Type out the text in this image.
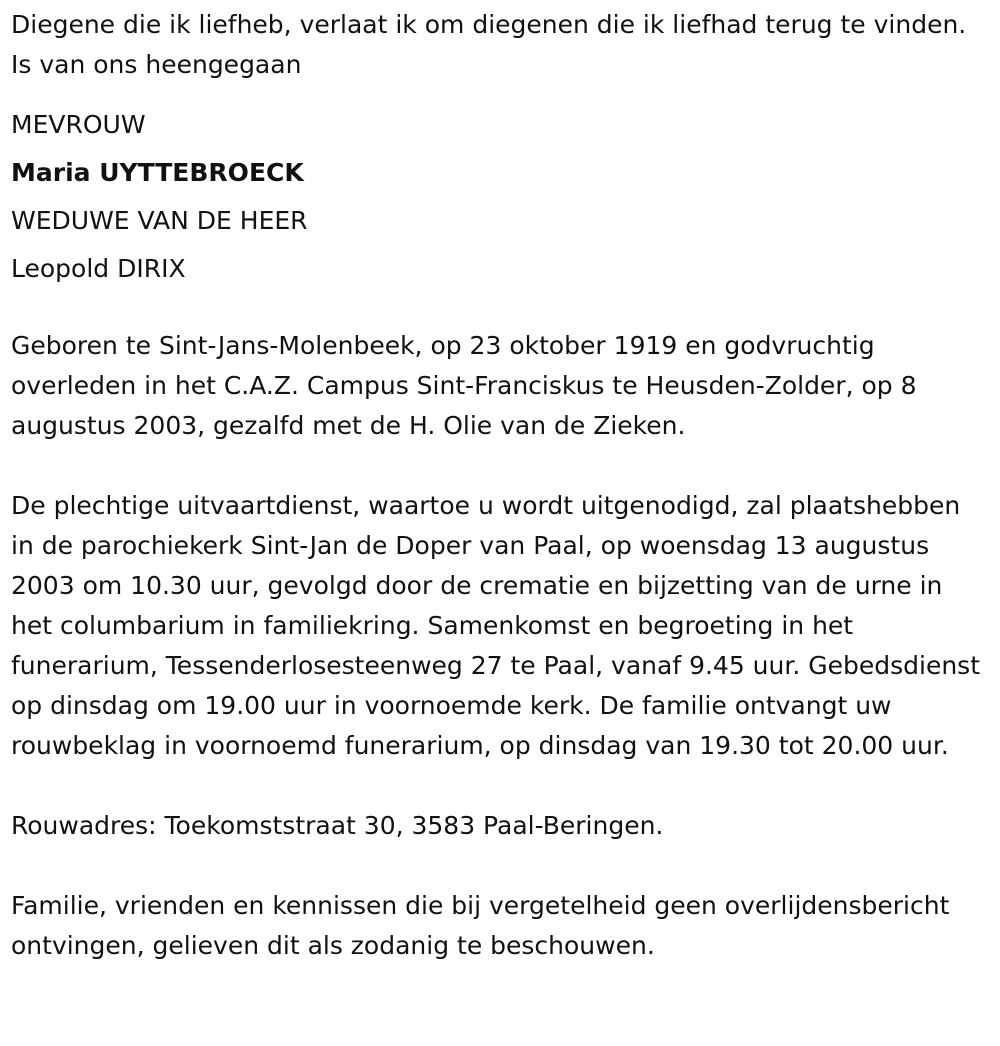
Diegene die ik liefheb, verlaat ik om diegenen die ik liefhad terug te vinden. Is van ons heengegaan

MEVROUW
Maria UYTTEBROECK
WEDUWE VAN DE HEER
Leopold DIRIX

Geboren te Sint-Jans-Molenbeek, op 23 oktober 1919 en godvruchtig overleden in het C.A.Z. Campus Sint-Franciskus te Heusden-Zolder, op 8 augustus 2003, gezalfd met de H. Olie van de Zieken.

De plechtige uitvaartdienst, waartoe u wordt uitgenodigd, zal plaatshebben in de parochiekerk Sint-Jan de Doper van Paal, op woensdag 13 augustus 2003 om 10.30 uur, gevolgd door de crematie en bijzetting van de urne in het columbarium in familiekring. Samenkomst en begroeting in het funerarium, Tessenderlosesteenweg 27 te Paal, vanaf 9.45 uur. Gebedsdienst op dinsdag om 19.00 uur in voornoemde kerk. De familie ontvangt uw rouwbeklag in voornoemd funerarium, op dinsdag van 19.30 tot 20.00 uur.

Rouwadres: Toekomststraat 30, 3583 Paal-Beringen.

Familie, vrienden en kennissen die bij vergetelheid geen overlijdensbericht ontvingen, gelieven dit als zodanig te beschouwen.
